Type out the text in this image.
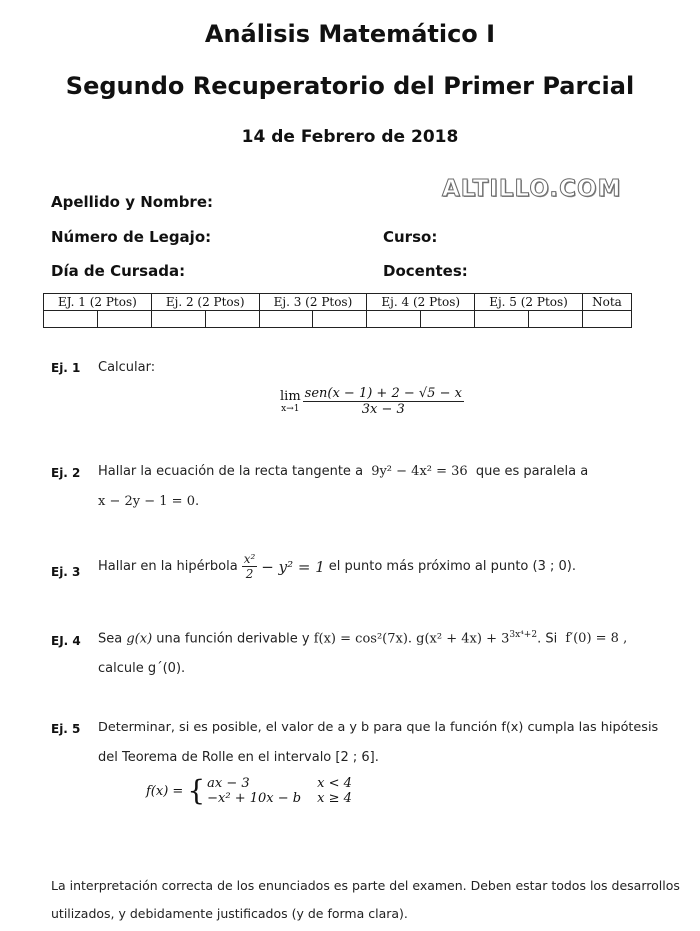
Análisis Matemático I
Segundo Recuperatorio del Primer Parcial
14 de Febrero de 2018
ALTILLO.COM
Apellido y Nombre:
Número de Legajo:	Curso:
Día de Cursada:	Docentes:
EJ. 1 (2 Ptos)		Ej. 2 (2 Ptos)		Ej. 3 (2 Ptos)		Ej. 4 (2 Ptos)		Ej. 5 (2 Ptos)		Nota

Ej. 1 Calcular:
lim
$x\to 1 \frac{\text{sen(x − 1) + 2 − √5 − x}}{3x - 3}$
Ej. 2 Hallar la ecuación de la recta tangente a 9y² − 4x² = 36 que es paralela a
x − 2y − 1 = 0.
Ej. 3 Hallar en la hipérbola $\frac{\text{x²}}{2} - y^2 = 1$ el punto más próximo al punto (3 ; 0).
EJ. 4 Sea g(x) una función derivable y f(x) = cos²(7x). $g(x^2 + 4x) + 3^{3x^4+2}$. Si f′(0) = 8 ,
calcule g´(0).
Ej. 5 Determinar, si es posible, el valor de a y b para que la función f(x) cumpla las hipótesis
del Teorema de Rolle en el intervalo [2 ; 6].
f(x) = { ax − 3	x < 4
−x² + 10x − b	x ≥ 4
La interpretación correcta de los enunciados es parte del examen. Deben estar todos los desarrollos
utilizados, y debidamente justificados (y de forma clara).
